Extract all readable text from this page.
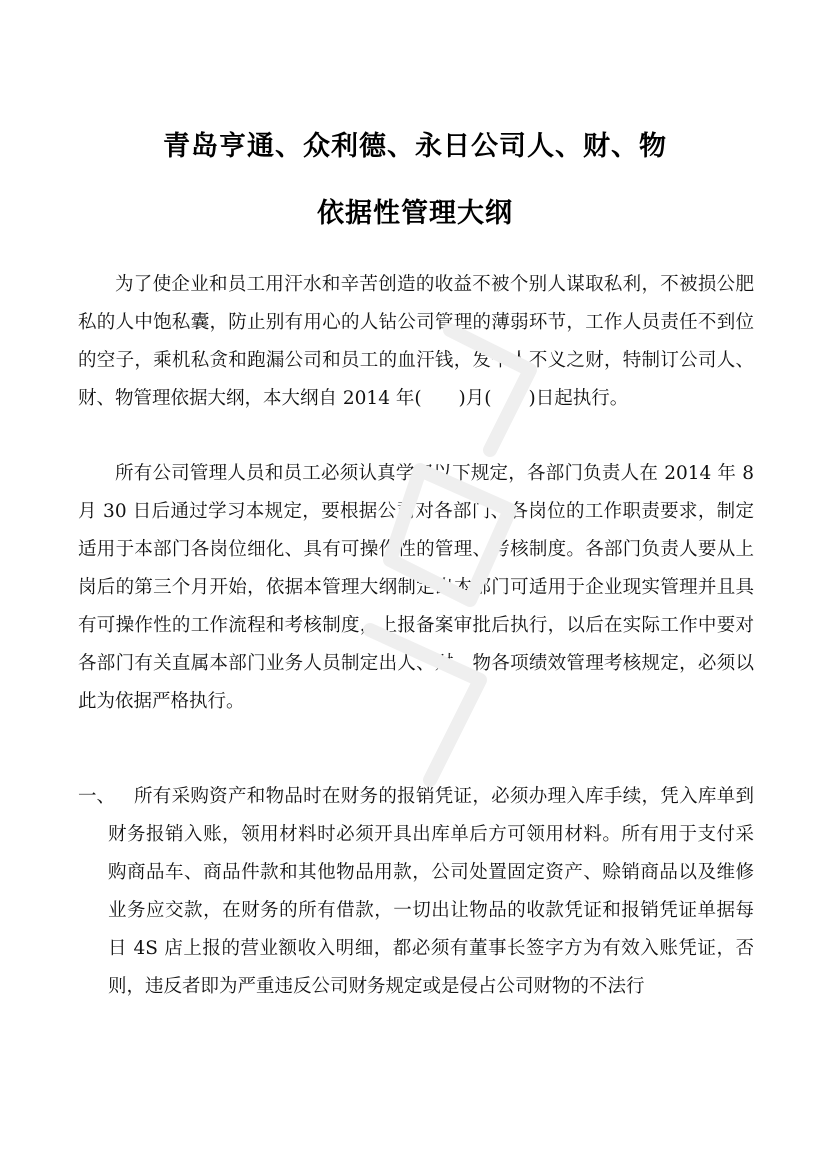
青岛亨通、众利德、永日公司人、财、物
依据性管理大纲

为了使企业和员工用汗水和辛苦创造的收益不被个别人谋取私利，不被损公肥私的人中饱私囊，防止别有用心的人钻公司管理的薄弱环节，工作人员责任不到位的空子，乘机私贪和跑漏公司和员工的血汗钱，发个人不义之财，特制订公司人、财、物管理依据大纲，本大纲自 2014 年(　　)月(　　)日起执行。

所有公司管理人员和员工必须认真学习以下规定，各部门负责人在 2014 年 8 月 30 日后通过学习本规定，要根据公司对各部门、各岗位的工作职责要求，制定适用于本部门各岗位细化、具有可操作性的管理、考核制度。各部门负责人要从上岗后的第三个月开始，依据本管理大纲制定出本部门可适用于企业现实管理并且具有可操作性的工作流程和考核制度，上报备案审批后执行，以后在实际工作中要对各部门有关直属本部门业务人员制定出人、财、物各项绩效管理考核规定，必须以此为依据严格执行。

一、	所有采购资产和物品时在财务的报销凭证，必须办理入库手续，凭入库单到财务报销入账，领用材料时必须开具出库单后方可领用材料。所有用于支付采购商品车、商品件款和其他物品用款，公司处置固定资产、赊销商品以及维修业务应交款，在财务的所有借款，一切出让物品的收款凭证和报销凭证单据每日 4S 店上报的营业额收入明细，都必须有董事长签字方为有效入账凭证，否则，违反者即为严重违反公司财务规定或是侵占公司财物的不法行
